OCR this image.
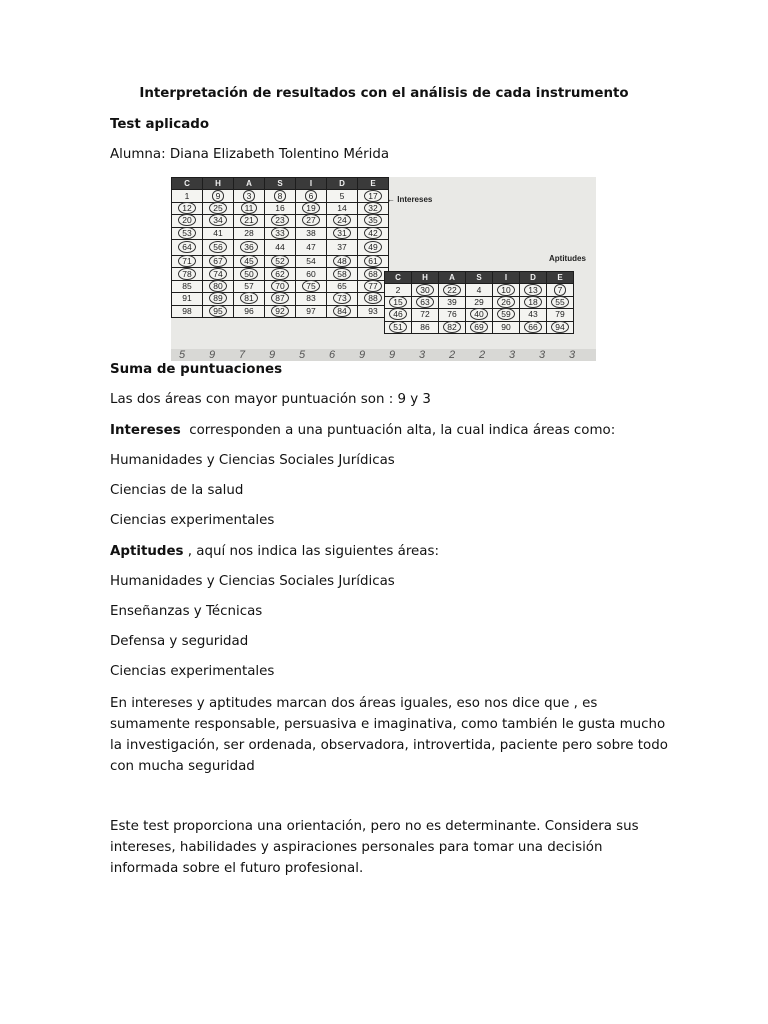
Interpretación de resultados con el análisis de cada instrumento
Test aplicado
Alumna: Diana Elizabeth Tolentino Mérida
C	H	A	S	I	D	E
1	9	3	8	6	5	17
12	25	11	16	19	14	32
20	34	21	23	27	24	35
53	41	28	33	38	31	42
64	56	36	44	47	37	49
71	67	45	52	54	48	61
78	74	50	62	60	58	68
85	80	57	70	75	65	77
91	89	81	87	83	73	88
98	95	96	92	97	84	93
← Intereses
Aptitudes
C	H	A	S	I	D	E
2	30	22	4	10	13	7
15	63	39	29	26	18	55
46	72	76	40	59	43	79
51	86	82	69	90	66	94
5 9 7 9 5 6 9 9 3 2 2 3 3 3
Suma de puntuaciones
Las dos áreas con mayor puntuación son : 9 y 3
Intereses  corresponden a una puntuación alta, la cual indica áreas como:
Humanidades y Ciencias Sociales Jurídicas
Ciencias de la salud
Ciencias experimentales
Aptitudes , aquí nos indica las siguientes áreas:
Humanidades y Ciencias Sociales Jurídicas
Enseñanzas y Técnicas
Defensa y seguridad
Ciencias experimentales
En intereses y aptitudes marcan dos áreas iguales, eso nos dice que , es sumamente responsable, persuasiva e imaginativa, como también le gusta mucho la investigación, ser ordenada, observadora, introvertida, paciente pero sobre todo con mucha seguridad
Este test proporciona una orientación, pero no es determinante. Considera sus intereses, habilidades y aspiraciones personales para tomar una decisión informada sobre el futuro profesional.
